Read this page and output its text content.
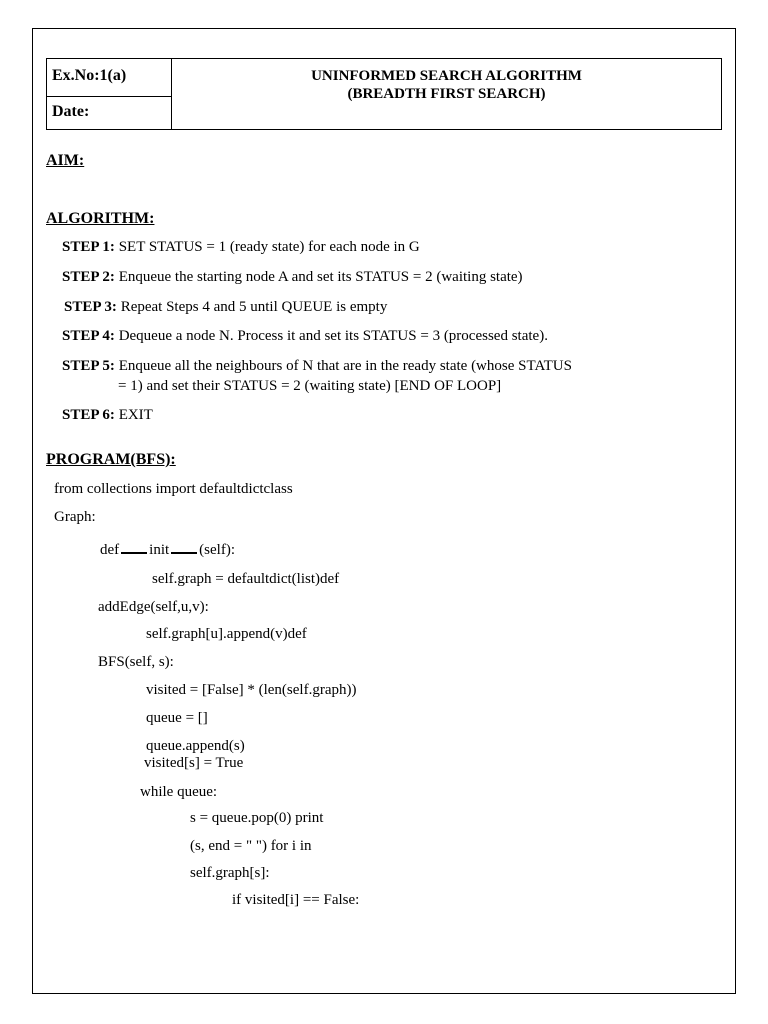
Ex.No:1(a)
Date:
UNINFORMED SEARCH ALGORITHM
(BREADTH FIRST SEARCH)
AIM:
ALGORITHM:
STEP 1: SET STATUS = 1 (ready state) for each node in G
STEP 2: Enqueue the starting node A and set its STATUS = 2 (waiting state)
STEP 3: Repeat Steps 4 and 5 until QUEUE is empty
STEP 4: Dequeue a node N. Process it and set its STATUS = 3 (processed state).
STEP 5: Enqueue all the neighbours of N that are in the ready state (whose STATUS
= 1) and set their STATUS = 2 (waiting state) [END OF LOOP]
STEP 6: EXIT
PROGRAM(BFS):
from collections import defaultdictclass
Graph:
def init (self):
self.graph = defaultdict(list)def
addEdge(self,u,v):
self.graph[u].append(v)def
BFS(self, s):
visited = [False] * (len(self.graph))
queue = []
queue.append(s)
visited[s] = True
while queue:
s = queue.pop(0) print
(s, end = " ") for i in
self.graph[s]:
if visited[i] == False:
